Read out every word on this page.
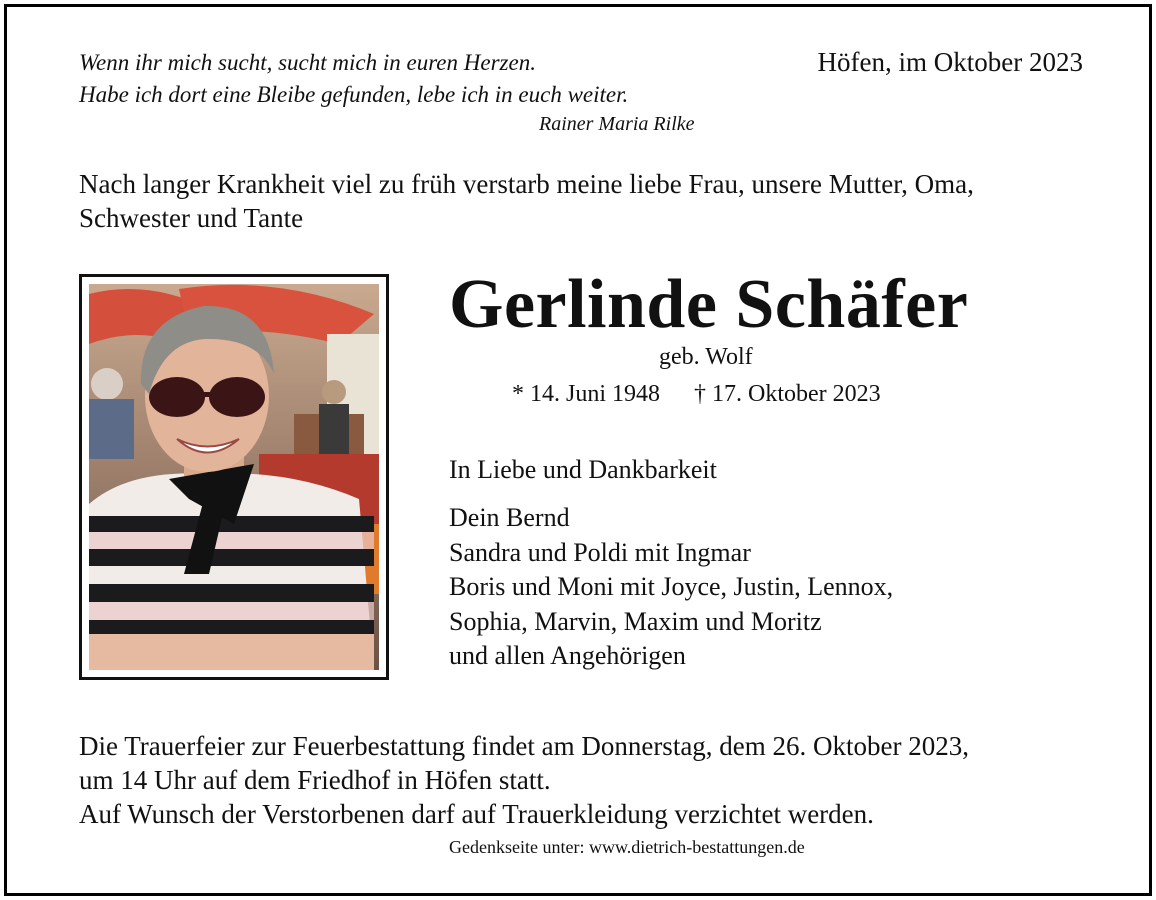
Wenn ihr mich sucht, sucht mich in euren Herzen.
Habe ich dort eine Bleibe gefunden, lebe ich in euch weiter.
Rainer Maria Rilke
Höfen, im Oktober 2023
Nach langer Krankheit viel zu früh verstarb meine liebe Frau, unsere Mutter, Oma, Schwester und Tante
Gerlinde Schäfer
geb. Wolf
* 14. Juni 1948 † 17. Oktober 2023
In Liebe und Dankbarkeit
Dein Bernd
Sandra und Poldi mit Ingmar
Boris und Moni mit Joyce, Justin, Lennox,
Sophia, Marvin, Maxim und Moritz
und allen Angehörigen
Die Trauerfeier zur Feuerbestattung findet am Donnerstag, dem 26. Oktober 2023,
um 14 Uhr auf dem Friedhof in Höfen statt.
Auf Wunsch der Verstorbenen darf auf Trauerkleidung verzichtet werden.
Gedenkseite unter: www.dietrich-bestattungen.de
